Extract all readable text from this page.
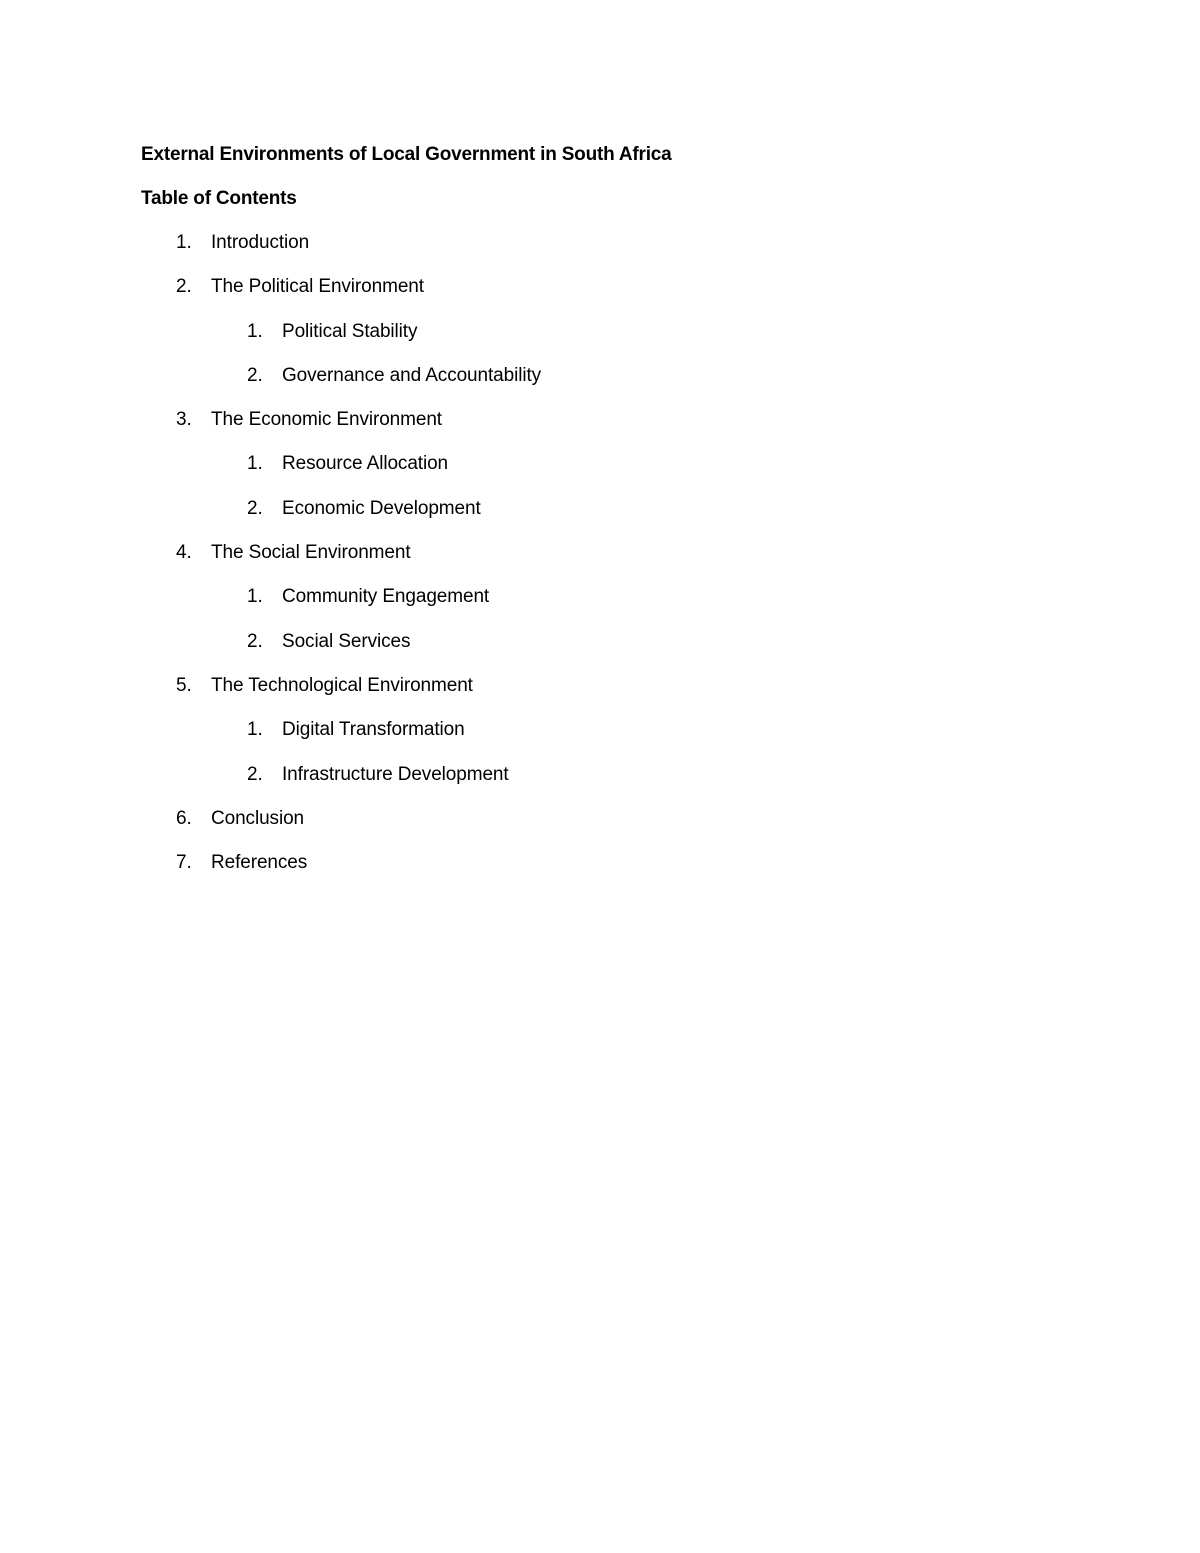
External Environments of Local Government in South Africa
Table of Contents
1.	Introduction
2.	The Political Environment
1.	Political Stability
2.	Governance and Accountability
3.	The Economic Environment
1.	Resource Allocation
2.	Economic Development
4.	The Social Environment
1.	Community Engagement
2.	Social Services
5.	The Technological Environment
1.	Digital Transformation
2.	Infrastructure Development
6.	Conclusion
7.	References
